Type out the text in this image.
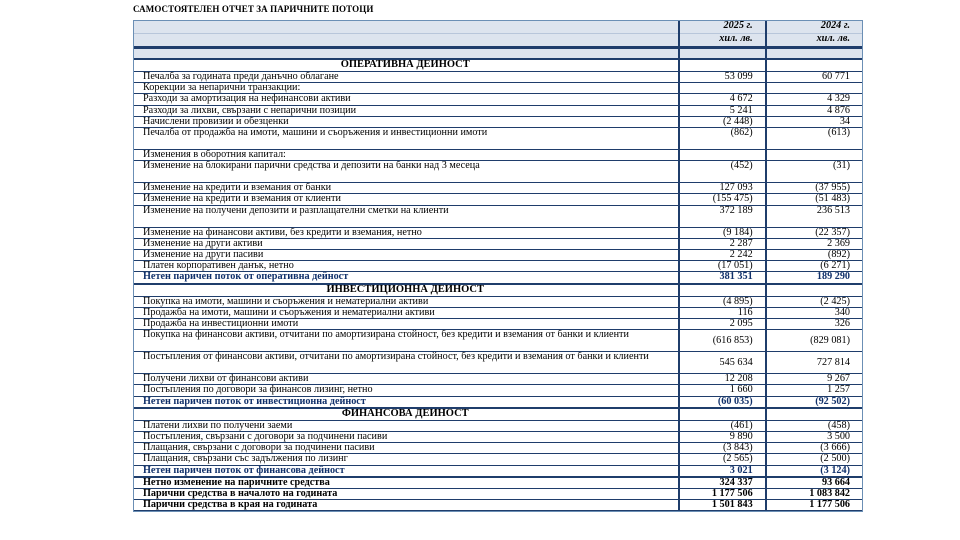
САМОСТОЯТЕЛЕН ОТЧЕТ ЗА ПАРИЧНИТЕ ПОТОЦИ
	2025 г.	2024 г.
	хил. лв.	хил. лв.

ОПЕРАТИВНА ДЕЙНОСТ		
Печалба за годината преди данъчно облагане	53 099	60 771
Корекции за непарични транзакции:		
Разходи за амортизация на нефинансови активи	4 672	4 329
Разходи за лихви, свързани с непарични позиции	5 241	4 876
Начислени провизии и обезценки	(2 448)	34
Печалба от продажба на имоти, машини и съоръжения и инвестиционни имоти	(862)	(613)
Изменения в оборотния капитал:		
Изменение на блокирани парични средства и депозити на банки над 3 месеца	(452)	(31)
Изменение на кредити и вземания от банки	127 093	(37 955)
Изменение на кредити и вземания от клиенти	(155 475)	(51 483)
Изменение на получени депозити и разплащателни сметки на клиенти	372 189	236 513
Изменение на финансови активи, без кредити и вземания, нетно	(9 184)	(22 357)
Изменение на други активи	2 287	2 369
Изменение на други пасиви	2 242	(892)
Платен корпоративен данък, нетно	(17 051)	(6 271)
Нетен паричен поток от оперативна дейност	381 351	189 290
ИНВЕСТИЦИОННА ДЕЙНОСТ		
Покупка на имоти, машини и съоръжения и нематериални активи	(4 895)	(2 425)
Продажба на имоти, машини и съоръжения и нематериални активи	116	340
Продажба на инвестиционни имоти	2 095	326
Покупка на финансови активи, отчитани по амортизирана стойност, без кредити и вземания от банки и клиенти	(616 853)	(829 081)
Постъпления от финансови активи, отчитани по амортизирана стойност, без кредити и вземания от банки и клиенти	545 634	727 814
Получени лихви от финансови активи	12 208	9 267
Постъпления по договори за финансов лизинг, нетно	1 660	1 257
Нетен паричен поток от инвестиционна дейност	(60 035)	(92 502)
ФИНАНСОВА ДЕЙНОСТ		
Платени лихви по получени заеми	(461)	(458)
Постъпления, свързани с договори за подчинени пасиви	9 890	3 500
Плащания, свързани с договори за подчинени пасиви	(3 843)	(3 666)
Плащания, свързани със задължения по лизинг	(2 565)	(2 500)
Нетен паричен поток от финансова дейност	3 021	(3 124)
Нетно изменение на паричните средства	324 337	93 664
Парични средства в началото на годината	1 177 506	1 083 842
Парични средства в края на годината	1 501 843	1 177 506
